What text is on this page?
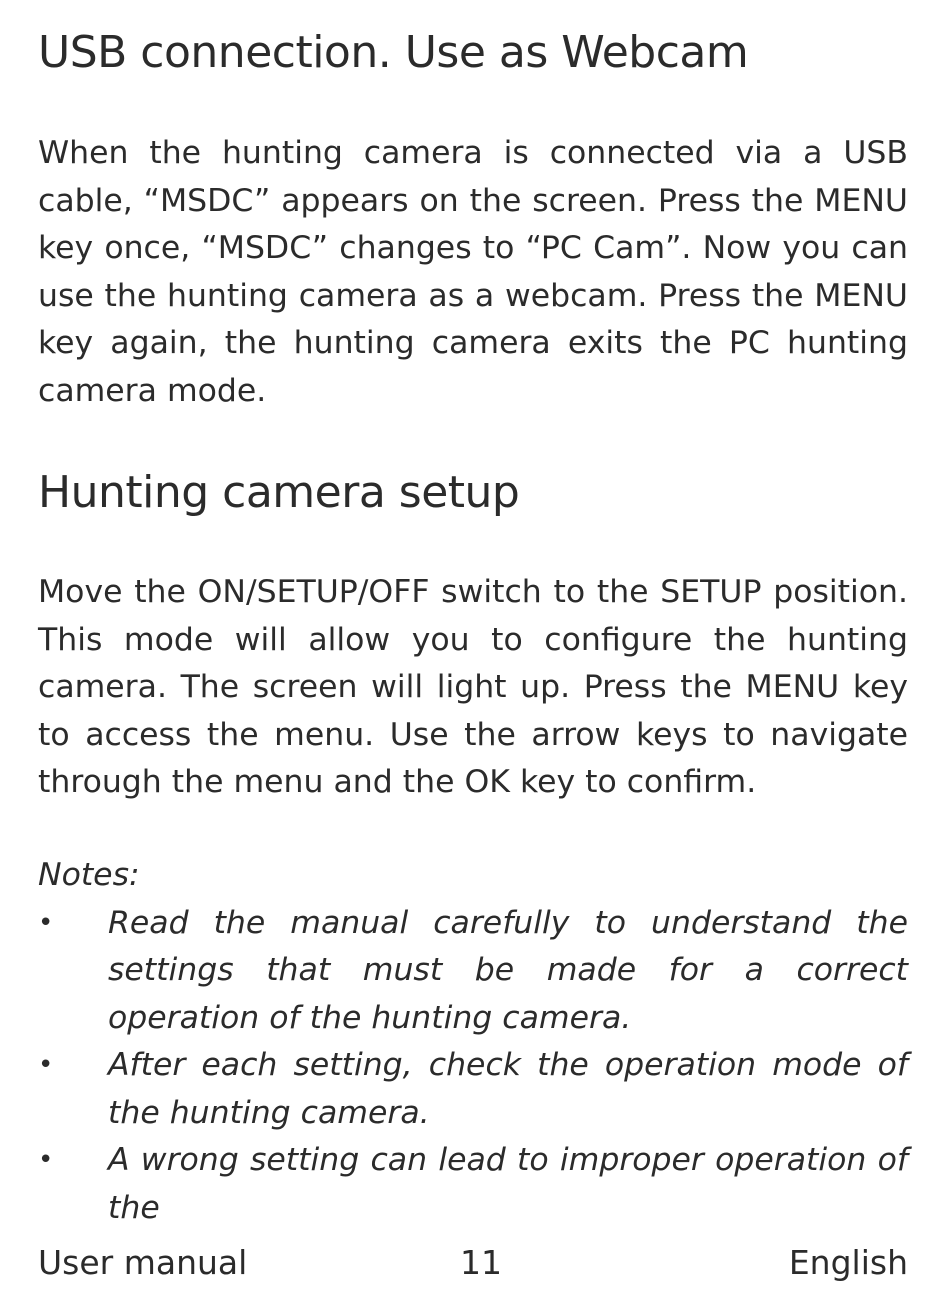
USB connection. Use as Webcam

When the hunting camera is connected via a USB cable, “MSDC” appears on the screen. Press the MENU key once, “MSDC” changes to “PC Cam”. Now you can use the hunting camera as a webcam. Press the MENU key again, the hunting camera exits the PC hunting camera mode.

Hunting camera setup

Move the ON/SETUP/OFF switch to the SETUP position. This mode will allow you to configure the hunting camera. The screen will light up. Press the MENU key to access the menu. Use the arrow keys to navigate through the menu and the OK key to confirm.

Notes:

• Read the manual carefully to understand the settings that must be made for a correct operation of the hunting camera.
• After each setting, check the operation mode of the hunting camera.
• A wrong setting can lead to improper operation of the
User manual	11	English
